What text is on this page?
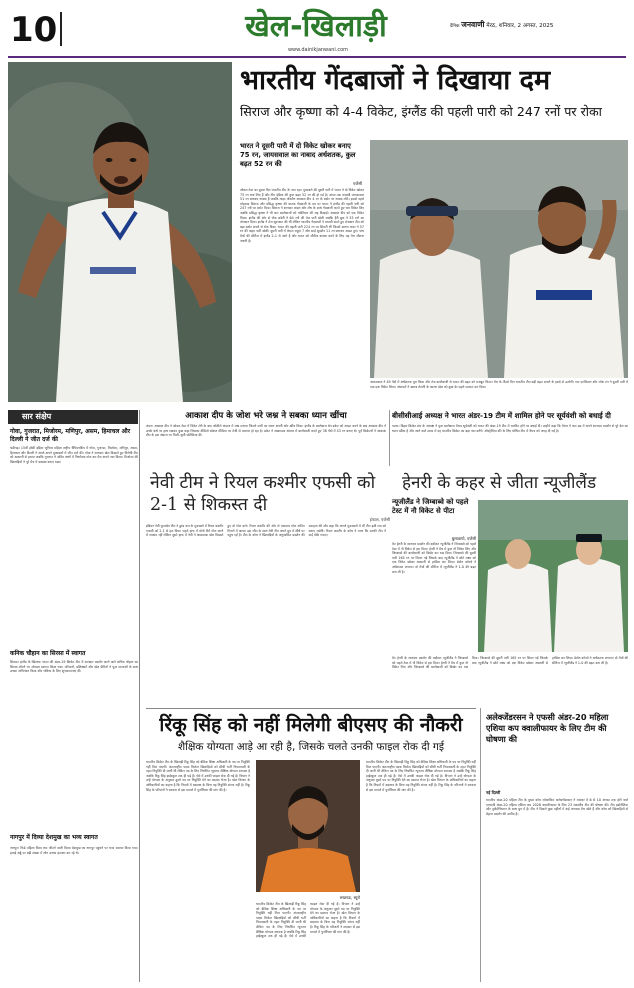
10	खेल-खिलाड़ी
www.dainikjanwani.com
दैनिक जनवाणी मेरठ, शनिवार, 2 अगस्त, 2025
भारतीय गेंदबाजों ने दिखाया दम
सिराज और कृष्णा को 4-4 विकेट, इंग्लैंड की पहली पारी को 247 रनों पर रोका
भारत ने दूसरी पारी में दो विकेट खोकर बनाए 75 रन, जायसवाल का नाबाद अर्धशतक, कुल बढ़त 52 रन की
एजेंसी
ओवल टेस्ट का दूसरा दिन भारतीय टीम के नाम रहा। मुकाबले की दूसरी पारी में भारत ने दो विकेट खोकर 75 रन बना लिए हैं और टीम इंडिया की कुल बढ़त 52 रन की हो गई है। स्टंप्स तक यशस्वी जायसवाल 51 रन बनाकर नाबाद हैं जबकि नाइट वॉचमैन आकाश दीप 4 रन के स्कोर पर नाबाद लौटे। इससे पहले मोहम्मद सिराज और प्रसिद्ध कृष्णा की घातक गेंदबाजी के दम पर भारत ने इंग्लैंड की पहली पारी को 247 रनों पर समेट दिया। सिराज ने शानदार लाइन और लेंथ के साथ गेंदबाजी करते हुए चार विकेट लिए जबकि प्रसिद्ध कृष्णा ने भी चार बल्लेबाजों को पवेलियन की राह दिखाई। आकाश दीप को एक विकेट मिला। इंग्लैंड की ओर से जैक क्रॉली ने 64 रनों की तेज पारी खेली जबकि हैरी ब्रूक ने 53 रनों का योगदान दिया। इंग्लैंड ने तेज शुरुआत की थी लेकिन भारतीय गेंदबाजों ने वापसी करते हुए मेजबान टीम को बड़ा स्कोर बनाने से रोक दिया। भारत की पहली पारी 224 रन पर सिमटी थी जिसमें करुण नायर ने 57 रन की अहम पारी खेली। दूसरी पारी में केएल राहुल 7 और साई सुदर्शन 11 रन बनाकर आउट हुए। पांच मैचों की सीरीज में इंग्लैंड 2-1 से आगे है और भारत को सीरीज बराबर करने के लिए यह मैच जीतना जरूरी है।
जायसवाल ने 49 गेंदों में अर्धशतक पूरा किया और तेज बल्लेबाजी से भारत की बढ़त को मजबूत किया। मैच के तीसरे दिन भारतीय टीम बड़ी बढ़त बनाने के इरादे से उतरेगी। गस एटकिंसन और जोश टंग ने दूसरी पारी में एक-एक विकेट लिया। अंपायरों ने खराब रोशनी के कारण खेल को कुछ देर पहले समाप्त कर दिया।
सार संक्षेप
गोवा, गुजरात, मिजोरम, मणिपुर, असम, हिमाचल और दिल्ली ने जीत दर्ज की
चंडीगढ़। 15वीं हॉकी इंडिया जूनियर महिला राष्ट्रीय चैंपियनशिप में गोवा, गुजरात, मिजोरम, मणिपुर, असम, हिमाचल और दिल्ली ने अपने-अपने मुकाबलों में जीत दर्ज की। गोवा ने शानदार खेल दिखाते हुए विरोधी टीम को आसानी से हराया जबकि गुजरात ने अंतिम क्षणों में निर्णायक गोल कर मैच अपने नाम किया। मिजोरम की खिलाड़ियों ने पूरे मैच में दबदबा बनाए रखा।
कनिक चौहान का सिरसा में स्वागत
सिरसा। इंग्लैंड के खिलाफ भारत की अंडर-19 क्रिकेट टीम में शानदार प्रदर्शन करने वाले कनिक चौहान का सिरसा लौटने पर जोरदार स्वागत किया गया। परिजनों, प्रशिक्षकों और खेल प्रेमियों ने फूल मालाओं के साथ उनका अभिनंदन किया और भविष्य के लिए शुभकामनाएं दीं।
नागपुर में दिव्या देशमुख का भव्य स्वागत
नागपुर। फिडे महिला विश्व कप जीतने वाली दिव्या देशमुख का नागपुर पहुंचने पर भव्य स्वागत किया गया। हवाई अड्डे पर बड़ी संख्या में लोग उनका इंतजार कर रहे थे।
आकाश दीप के जोश भरे जश्न ने सबका ध्यान खींचा
लंदन। आकाश दीप ने ओवल टेस्ट में विकेट लेने के बाद जोशीले अंदाज में जश्न मनाया जिसने सभी का ध्यान अपनी ओर खींच लिया। इंग्लैंड के बल्लेबाज बेन डकेट को आउट करने के बाद आकाश दीप ने उनके कंधे पर हाथ रखकर कुछ कहा जिसका वीडियो सोशल मीडिया पर तेजी से वायरल हो रहा है। डकेट ने आक्रामक अंदाज में बल्लेबाजी करते हुए 38 गेंदों में 43 रन बनाए थे। पूर्व क्रिकेटरों ने आकाश दीप के इस अंदाज पर मिली-जुली प्रतिक्रिया दी।
बीसीसीआई अध्यक्ष ने भारत अंडर-19 टीम में शामिल होने पर सूर्यवंशी को बधाई दी
पटना। बिहार क्रिकेट संघ के अध्यक्ष ने युवा बल्लेबाज वैभव सूर्यवंशी को भारत की अंडर-19 टीम में चयनित होने पर बधाई दी। उन्होंने कहा कि वैभव ने कम उम्र में अपने शानदार प्रदर्शन से पूरे देश का ध्यान खींचा है और आने वाले समय में वह भारतीय क्रिकेट का बड़ा नाम बनेंगे। ऑस्ट्रेलिया दौरे के लिए घोषित टीम में वैभव को जगह दी गई है।
नेवी टीम ने रियल कश्मीर एफसी को 2-1 से शिकस्त दी
इंफाल, एजेंसी
इंडियन नेवी फुटबॉल टीम ने डूरंड कप के मुकाबले में रियल कश्मीर एफसी को 2-1 से हरा दिया। पहले हाफ में दोनों टीमें गोल करने में नाकाम रहीं लेकिन दूसरे हाफ में नेवी ने आक्रामक खेल दिखाते हुए दो गोल दागे। रियल कश्मीर की ओर से एकमात्र गोल अंतिम मिनटों में आया। इस जीत के साथ नेवी टीम अपने ग्रुप में शीर्ष पर पहुंच गई है। टीम के कोच ने खिलाड़ियों के अनुशासित प्रदर्शन की सराहना की और कहा कि अगले मुकाबलों में भी टीम इसी लय को बनाए रखेगी। रियल कश्मीर के कोच ने माना कि उनकी टीम ने कई मौके गंवाए।
हेनरी के कहर से जीता न्यूजीलैंड
न्यूजीलैंड ने जिम्बाब्वे को पहले टेस्ट में नौ विकेट से पीटा
बुलावायो, एजेंसी
मैट हेनरी के शानदार प्रदर्शन की बदौलत न्यूजीलैंड ने जिम्बाब्वे को पहले टेस्ट में नौ विकेट से हरा दिया। हेनरी ने मैच में कुल नौ विकेट लिए और जिम्बाब्वे की बल्लेबाजी को बिखेर कर रख दिया। जिम्बाब्वे की दूसरी पारी 165 रन पर सिमट गई जिसके बाद न्यूजीलैंड ने छोटे लक्ष्य को एक विकेट खोकर आसानी से हासिल कर लिया। डेवोन कॉनवे ने अर्धशतक लगाया। दो मैचों की सीरीज में न्यूजीलैंड ने 1-0 की बढ़त बना ली है।
मैट हेनरी के शानदार प्रदर्शन की बदौलत न्यूजीलैंड ने जिम्बाब्वे को पहले टेस्ट में नौ विकेट से हरा दिया। हेनरी ने मैच में कुल नौ विकेट लिए और जिम्बाब्वे की बल्लेबाजी को बिखेर कर रख दिया। जिम्बाब्वे की दूसरी पारी 165 रन पर सिमट गई जिसके बाद न्यूजीलैंड ने छोटे लक्ष्य को एक विकेट खोकर आसानी से हासिल कर लिया। डेवोन कॉनवे ने अर्धशतक लगाया। दो मैचों की सीरीज में न्यूजीलैंड ने 1-0 की बढ़त बना ली है।
रिंकू सिंह को नहीं मिलेगी बीएसए की नौकरी
शैक्षिक योग्यता आड़े आ रही है, जिसके चलते उनकी फाइल रोक दी गई
भारतीय क्रिकेट टीम के खिलाड़ी रिंकू सिंह को बेसिक शिक्षा अधिकारी के पद पर नियुक्ति नहीं मिल पाएगी। अंतरराष्ट्रीय पदक विजेता खिलाड़ियों को सीधी भर्ती नियमावली के तहत नियुक्ति दी जानी थी लेकिन पद के लिए निर्धारित न्यूनतम शैक्षिक योग्यता स्नातक है जबकि रिंकू सिंह हाईस्कूल तक ही पढ़े हैं। ऐसे में उनकी फाइल रोक दी गई है। विभाग ने उन्हें योग्यता के अनुसार दूसरे पद पर नियुक्ति देने का प्रस्ताव भेजा है। खेल विभाग के अधिकारियों का कहना है कि नियमों में बदलाव के बिना यह नियुक्ति संभव नहीं है। रिंकू सिंह के परिजनों ने सरकार से इस मामले में पुनर्विचार की मांग की है।
लखनऊ, ब्यूरो
भारतीय क्रिकेट टीम के खिलाड़ी रिंकू सिंह को बेसिक शिक्षा अधिकारी के पद पर नियुक्ति नहीं मिल पाएगी। अंतरराष्ट्रीय पदक विजेता खिलाड़ियों को सीधी भर्ती नियमावली के तहत नियुक्ति दी जानी थी लेकिन पद के लिए निर्धारित न्यूनतम शैक्षिक योग्यता स्नातक है जबकि रिंकू सिंह हाईस्कूल तक ही पढ़े हैं। ऐसे में उनकी फाइल रोक दी गई है। विभाग ने उन्हें योग्यता के अनुसार दूसरे पद पर नियुक्ति देने का प्रस्ताव भेजा है। खेल विभाग के अधिकारियों का कहना है कि नियमों में बदलाव के बिना यह नियुक्ति संभव नहीं है। रिंकू सिंह के परिजनों ने सरकार से इस मामले में पुनर्विचार की मांग की है।
भारतीय क्रिकेट टीम के खिलाड़ी रिंकू सिंह को बेसिक शिक्षा अधिकारी के पद पर नियुक्ति नहीं मिल पाएगी। अंतरराष्ट्रीय पदक विजेता खिलाड़ियों को सीधी भर्ती नियमावली के तहत नियुक्ति दी जानी थी लेकिन पद के लिए निर्धारित न्यूनतम शैक्षिक योग्यता स्नातक है जबकि रिंकू सिंह हाईस्कूल तक ही पढ़े हैं। ऐसे में उनकी फाइल रोक दी गई है। विभाग ने उन्हें योग्यता के अनुसार दूसरे पद पर नियुक्ति देने का प्रस्ताव भेजा है। खेल विभाग के अधिकारियों का कहना है कि नियमों में बदलाव के बिना यह नियुक्ति संभव नहीं है। रिंकू सिंह के परिजनों ने सरकार से इस मामले में पुनर्विचार की मांग की है।
अलेक्जेंडरसन ने एफसी अंडर-20 महिला एशिया कप क्वालीफायर के लिए टीम की घोषणा की
नई दिल्ली
भारतीय अंडर-20 महिला टीम के मुख्य कोच जोआकिम अलेक्जेंडरसन ने म्यांमार में 6 से 10 अगस्त तक होने वाले एएफसी अंडर-20 महिला एशिया कप 2026 क्वालीफायर के लिए 23 सदस्यीय टीम की घोषणा की। टीम इंडोनेशिया और तुर्कमेनिस्तान के साथ ग्रुप में है। टीम ने पिछले कुछ महीनों में कई अभ्यास मैच खेले हैं और कोच को खिलाड़ियों से बेहतर प्रदर्शन की उम्मीद है।
